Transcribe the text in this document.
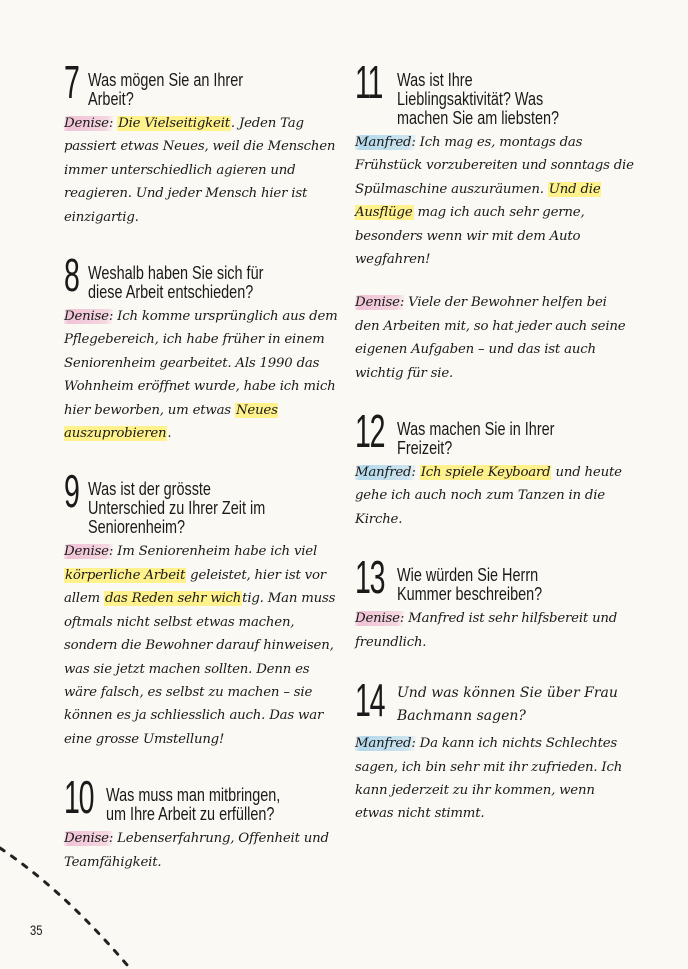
7 Was mögen Sie an Ihrer Arbeit?
Denise: Die Vielseitigkeit. Jeden Tag passiert etwas Neues, weil die Menschen immer unterschiedlich agieren und reagieren. Und jeder Mensch hier ist einzigartig.
8 Weshalb haben Sie sich für diese Arbeit entschieden?
Denise: Ich komme ursprünglich aus dem Pflegebereich, ich habe früher in einem Seniorenheim gearbeitet. Als 1990 das Wohnheim eröffnet wurde, habe ich mich hier beworben, um etwas Neues auszuprobieren.
9 Was ist der grösste Unterschied zu Ihrer Zeit im Seniorenheim?
Denise: Im Seniorenheim habe ich viel körperliche Arbeit geleistet, hier ist vor allem das Reden sehr wichtig. Man muss oftmals nicht selbst etwas machen, sondern die Bewohner darauf hinweisen, was sie jetzt machen sollten. Denn es wäre falsch, es selbst zu machen – sie können es ja schliesslich auch. Das war eine grosse Umstellung!
10 Was muss man mitbringen, um Ihre Arbeit zu erfüllen?
Denise: Lebenserfahrung, Offenheit und Teamfähigkeit.
11 Was ist Ihre Lieblingsaktivität? Was machen Sie am liebsten?
Manfred: Ich mag es, montags das Frühstück vorzubereiten und sonntags die Spülmaschine auszuräumen. Und die Ausflüge mag ich auch sehr gerne, besonders wenn wir mit dem Auto wegfahren!
Denise: Viele der Bewohner helfen bei den Arbeiten mit, so hat jeder auch seine eigenen Aufgaben – und das ist auch wichtig für sie.
12 Was machen Sie in Ihrer Freizeit?
Manfred: Ich spiele Keyboard und heute gehe ich auch noch zum Tanzen in die Kirche.
13 Wie würden Sie Herrn Kummer beschreiben?
Denise: Manfred ist sehr hilfsbereit und freundlich.
14 Und was können Sie über Frau Bachmann sagen?
Manfred: Da kann ich nichts Schlechtes sagen, ich bin sehr mit ihr zufrieden. Ich kann jederzeit zu ihr kommen, wenn etwas nicht stimmt.
35
